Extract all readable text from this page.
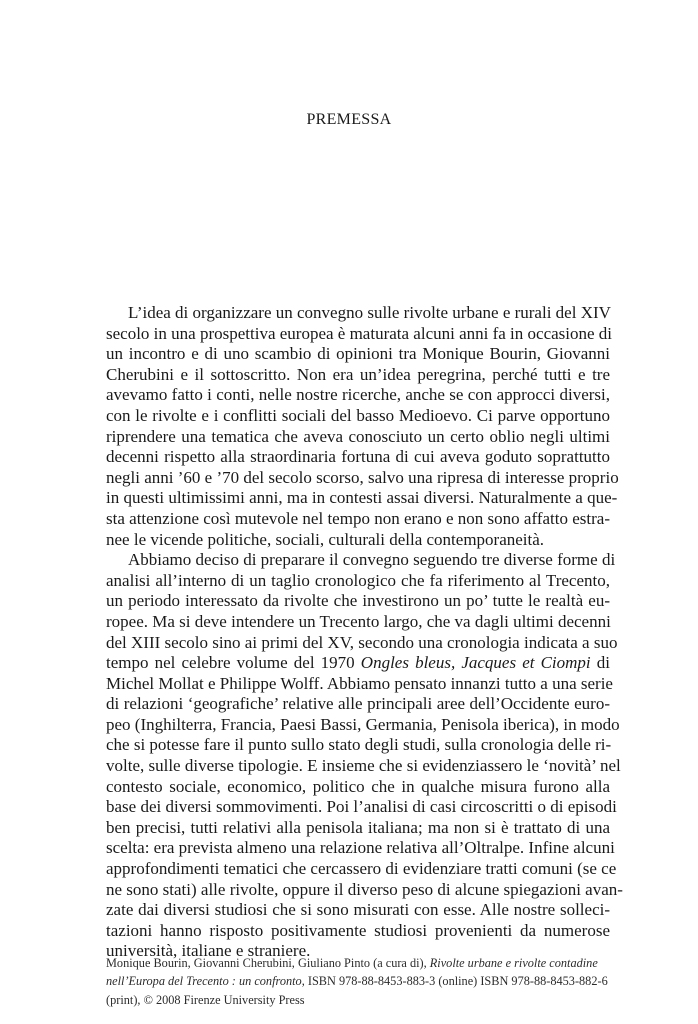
PREMESSA
L’idea di organizzare un convegno sulle rivolte urbane e rurali del XIV
secolo in una prospettiva europea è maturata alcuni anni fa in occasione di
un incontro e di uno scambio di opinioni tra Monique Bourin, Giovanni
Cherubini e il sottoscritto. Non era un’idea peregrina, perché tutti e tre
avevamo fatto i conti, nelle nostre ricerche, anche se con approcci diversi,
con le rivolte e i conflitti sociali del basso Medioevo. Ci parve opportuno
riprendere una tematica che aveva conosciuto un certo oblio negli ultimi
decenni rispetto alla straordinaria fortuna di cui aveva goduto soprattutto
negli anni ’60 e ’70 del secolo scorso, salvo una ripresa di interesse proprio
in questi ultimissimi anni, ma in contesti assai diversi. Naturalmente a que-
sta attenzione così mutevole nel tempo non erano e non sono affatto estra-
nee le vicende politiche, sociali, culturali della contemporaneità.
Abbiamo deciso di preparare il convegno seguendo tre diverse forme di
analisi all’interno di un taglio cronologico che fa riferimento al Trecento,
un periodo interessato da rivolte che investirono un po’ tutte le realtà eu-
ropee. Ma si deve intendere un Trecento largo, che va dagli ultimi decenni
del XIII secolo sino ai primi del XV, secondo una cronologia indicata a suo
tempo nel celebre volume del 1970 Ongles bleus, Jacques et Ciompi di
Michel Mollat e Philippe Wolff. Abbiamo pensato innanzi tutto a una serie
di relazioni ‘geografiche’ relative alle principali aree dell’Occidente euro-
peo (Inghilterra, Francia, Paesi Bassi, Germania, Penisola iberica), in modo
che si potesse fare il punto sullo stato degli studi, sulla cronologia delle ri-
volte, sulle diverse tipologie. E insieme che si evidenziassero le ‘novità’ nel
contesto sociale, economico, politico che in qualche misura furono alla
base dei diversi sommovimenti. Poi l’analisi di casi circoscritti o di episodi
ben precisi, tutti relativi alla penisola italiana; ma non si è trattato di una
scelta: era prevista almeno una relazione relativa all’Oltralpe. Infine alcuni
approfondimenti tematici che cercassero di evidenziare tratti comuni (se ce
ne sono stati) alle rivolte, oppure il diverso peso di alcune spiegazioni avan-
zate dai diversi studiosi che si sono misurati con esse. Alle nostre solleci-
tazioni hanno risposto positivamente studiosi provenienti da numerose
università, italiane e straniere.
Monique Bourin, Giovanni Cherubini, Giuliano Pinto (a cura di), Rivolte urbane e rivolte contadine
nell’Europa del Trecento : un confronto, ISBN 978-88-8453-883-3 (online) ISBN 978-88-8453-882-6
(print), © 2008 Firenze University Press
